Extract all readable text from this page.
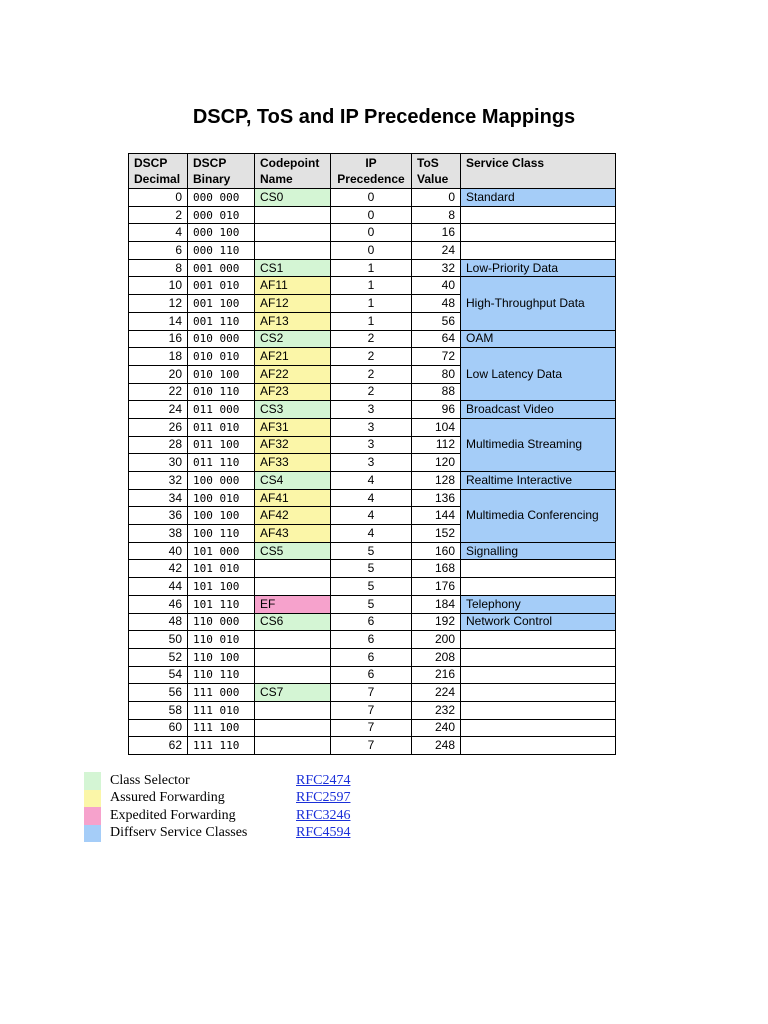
DSCP, ToS and IP Precedence Mappings
DSCP Decimal	DSCP Binary	Codepoint Name	IP Precedence	ToS Value	Service Class
0	000 000	CS0	0	0	Standard
2	000 010		0	8	
4	000 100		0	16	
6	000 110		0	24	
8	001 000	CS1	1	32	Low-Priority Data
10	001 010	AF11	1	40	High-Throughput Data
12	001 100	AF12	1	48	
14	001 110	AF13	1	56	
16	010 000	CS2	2	64	OAM
18	010 010	AF21	2	72	Low Latency Data
20	010 100	AF22	2	80	
22	010 110	AF23	2	88	
24	011 000	CS3	3	96	Broadcast Video
26	011 010	AF31	3	104	Multimedia Streaming
28	011 100	AF32	3	112	
30	011 110	AF33	3	120	
32	100 000	CS4	4	128	Realtime Interactive
34	100 010	AF41	4	136	Multimedia Conferencing
36	100 100	AF42	4	144	
38	100 110	AF43	4	152	
40	101 000	CS5	5	160	Signalling
42	101 010		5	168	
44	101 100		5	176	
46	101 110	EF	5	184	Telephony
48	110 000	CS6	6	192	Network Control
50	110 010		6	200	
52	110 100		6	208	
54	110 110		6	216	
56	111 000	CS7	7	224	
58	111 010		7	232	
60	111 100		7	240	
62	111 110		7	248	
Class Selector	RFC2474
Assured Forwarding	RFC2597
Expedited Forwarding	RFC3246
Diffserv Service Classes	RFC4594
